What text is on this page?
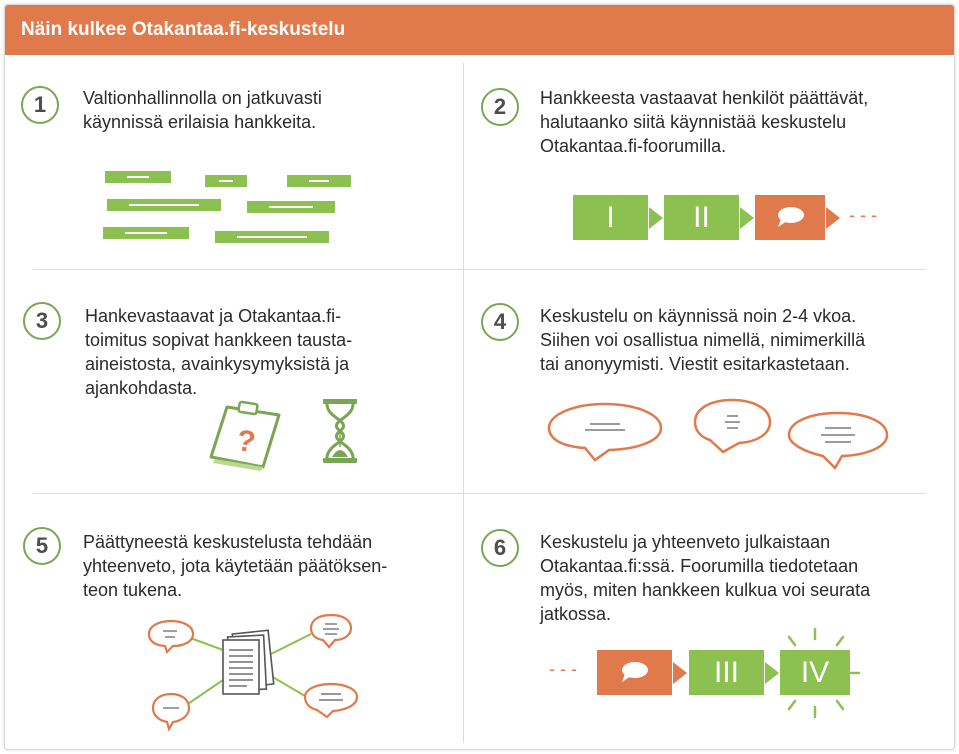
Näin kulkee Otakantaa.fi-keskustelu
1	Valtionhallinnolla on jatkuvasti
käynnissä erilaisia hankkeita.
2	Hankkeesta vastaavat henkilöt päättävät,
halutaanko siitä käynnistää keskustelu
Otakantaa.fi-foorumilla.
I	II	- - -
3	Hankevastaavat ja Otakantaa.fi-
toimitus sopivat hankkeen tausta-
aineistosta, avainkysymyksistä ja
ajankohdasta.
?
4	Keskustelu on käynnissä noin 2-4 vkoa.
Siihen voi osallistua nimellä, nimimerkillä
tai anonyymisti. Viestit esitarkastetaan.
5	Päättyneestä keskustelusta tehdään
yhteenveto, jota käytetään päätöksen-
teon tukena.
6	Keskustelu ja yhteenveto julkaistaan
Otakantaa.fi:ssä. Foorumilla tiedotetaan
myös, miten hankkeen kulkua voi seurata
jatkossa.
- - -	III	IV
